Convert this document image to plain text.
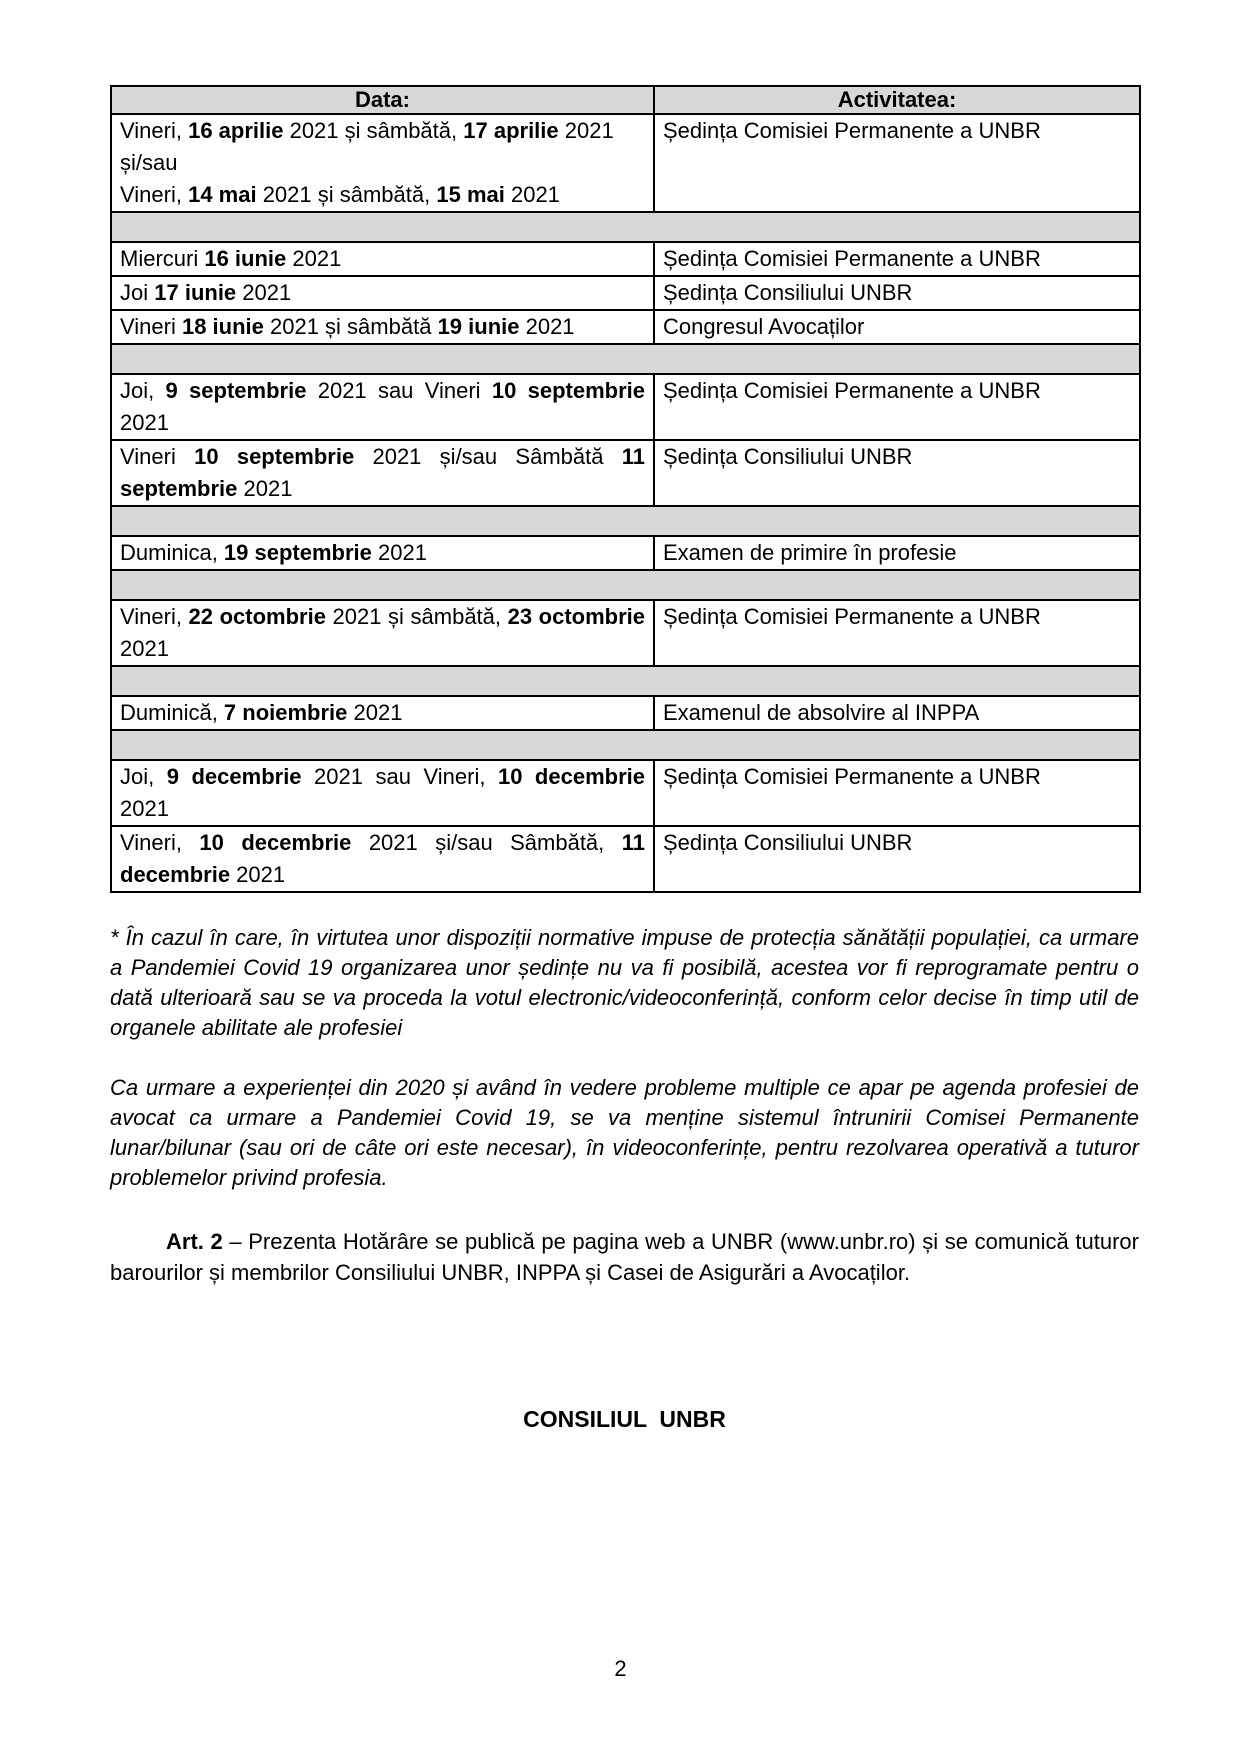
Data:	Activitatea:
Vineri, 16 aprilie 2021 și sâmbătă, 17 aprilie 2021
și/sau
Vineri, 14 mai 2021 și sâmbătă, 15 mai 2021	Ședința Comisiei Permanente a UNBR

Miercuri 16 iunie 2021	Ședința Comisiei Permanente a UNBR
Joi 17 iunie 2021	Ședința Consiliului UNBR
Vineri 18 iunie 2021 și sâmbătă 19 iunie 2021	Congresul Avocaților

Joi, 9 septembrie 2021 sau Vineri 10 septembrie 2021	Ședința Comisiei Permanente a UNBR
Vineri 10 septembrie 2021 și/sau Sâmbătă 11 septembrie 2021	Ședința Consiliului UNBR

Duminica, 19 septembrie 2021	Examen de primire în profesie

Vineri, 22 octombrie 2021 și sâmbătă, 23 octombrie 2021	Ședința Comisiei Permanente a UNBR

Duminică, 7 noiembrie 2021	Examenul de absolvire al INPPA

Joi, 9 decembrie 2021 sau Vineri, 10 decembrie 2021	Ședința Comisiei Permanente a UNBR
Vineri, 10 decembrie 2021 și/sau Sâmbătă, 11 decembrie 2021	Ședința Consiliului UNBR

* În cazul în care, în virtutea unor dispoziții normative impuse de protecția sănătății populației, ca urmare a Pandemiei Covid 19 organizarea unor ședințe nu va fi posibilă, acestea vor fi reprogramate pentru o dată ulterioară sau se va proceda la votul electronic/videoconferință, conform celor decise în timp util de organele abilitate ale profesiei

Ca urmare a experienței din 2020 și având în vedere probleme multiple ce apar pe agenda profesiei de avocat ca urmare a Pandemiei Covid 19, se va menține sistemul întrunirii Comisei Permanente lunar/bilunar (sau ori de câte ori este necesar), în videoconferințe, pentru rezolvarea operativă a tuturor problemelor privind profesia.

Art. 2 – Prezenta Hotărâre se publică pe pagina web a UNBR (www.unbr.ro) și se comunică tuturor barourilor și membrilor Consiliului UNBR, INPPA și Casei de Asigurări a Avocaților.

CONSILIUL  UNBR
2
